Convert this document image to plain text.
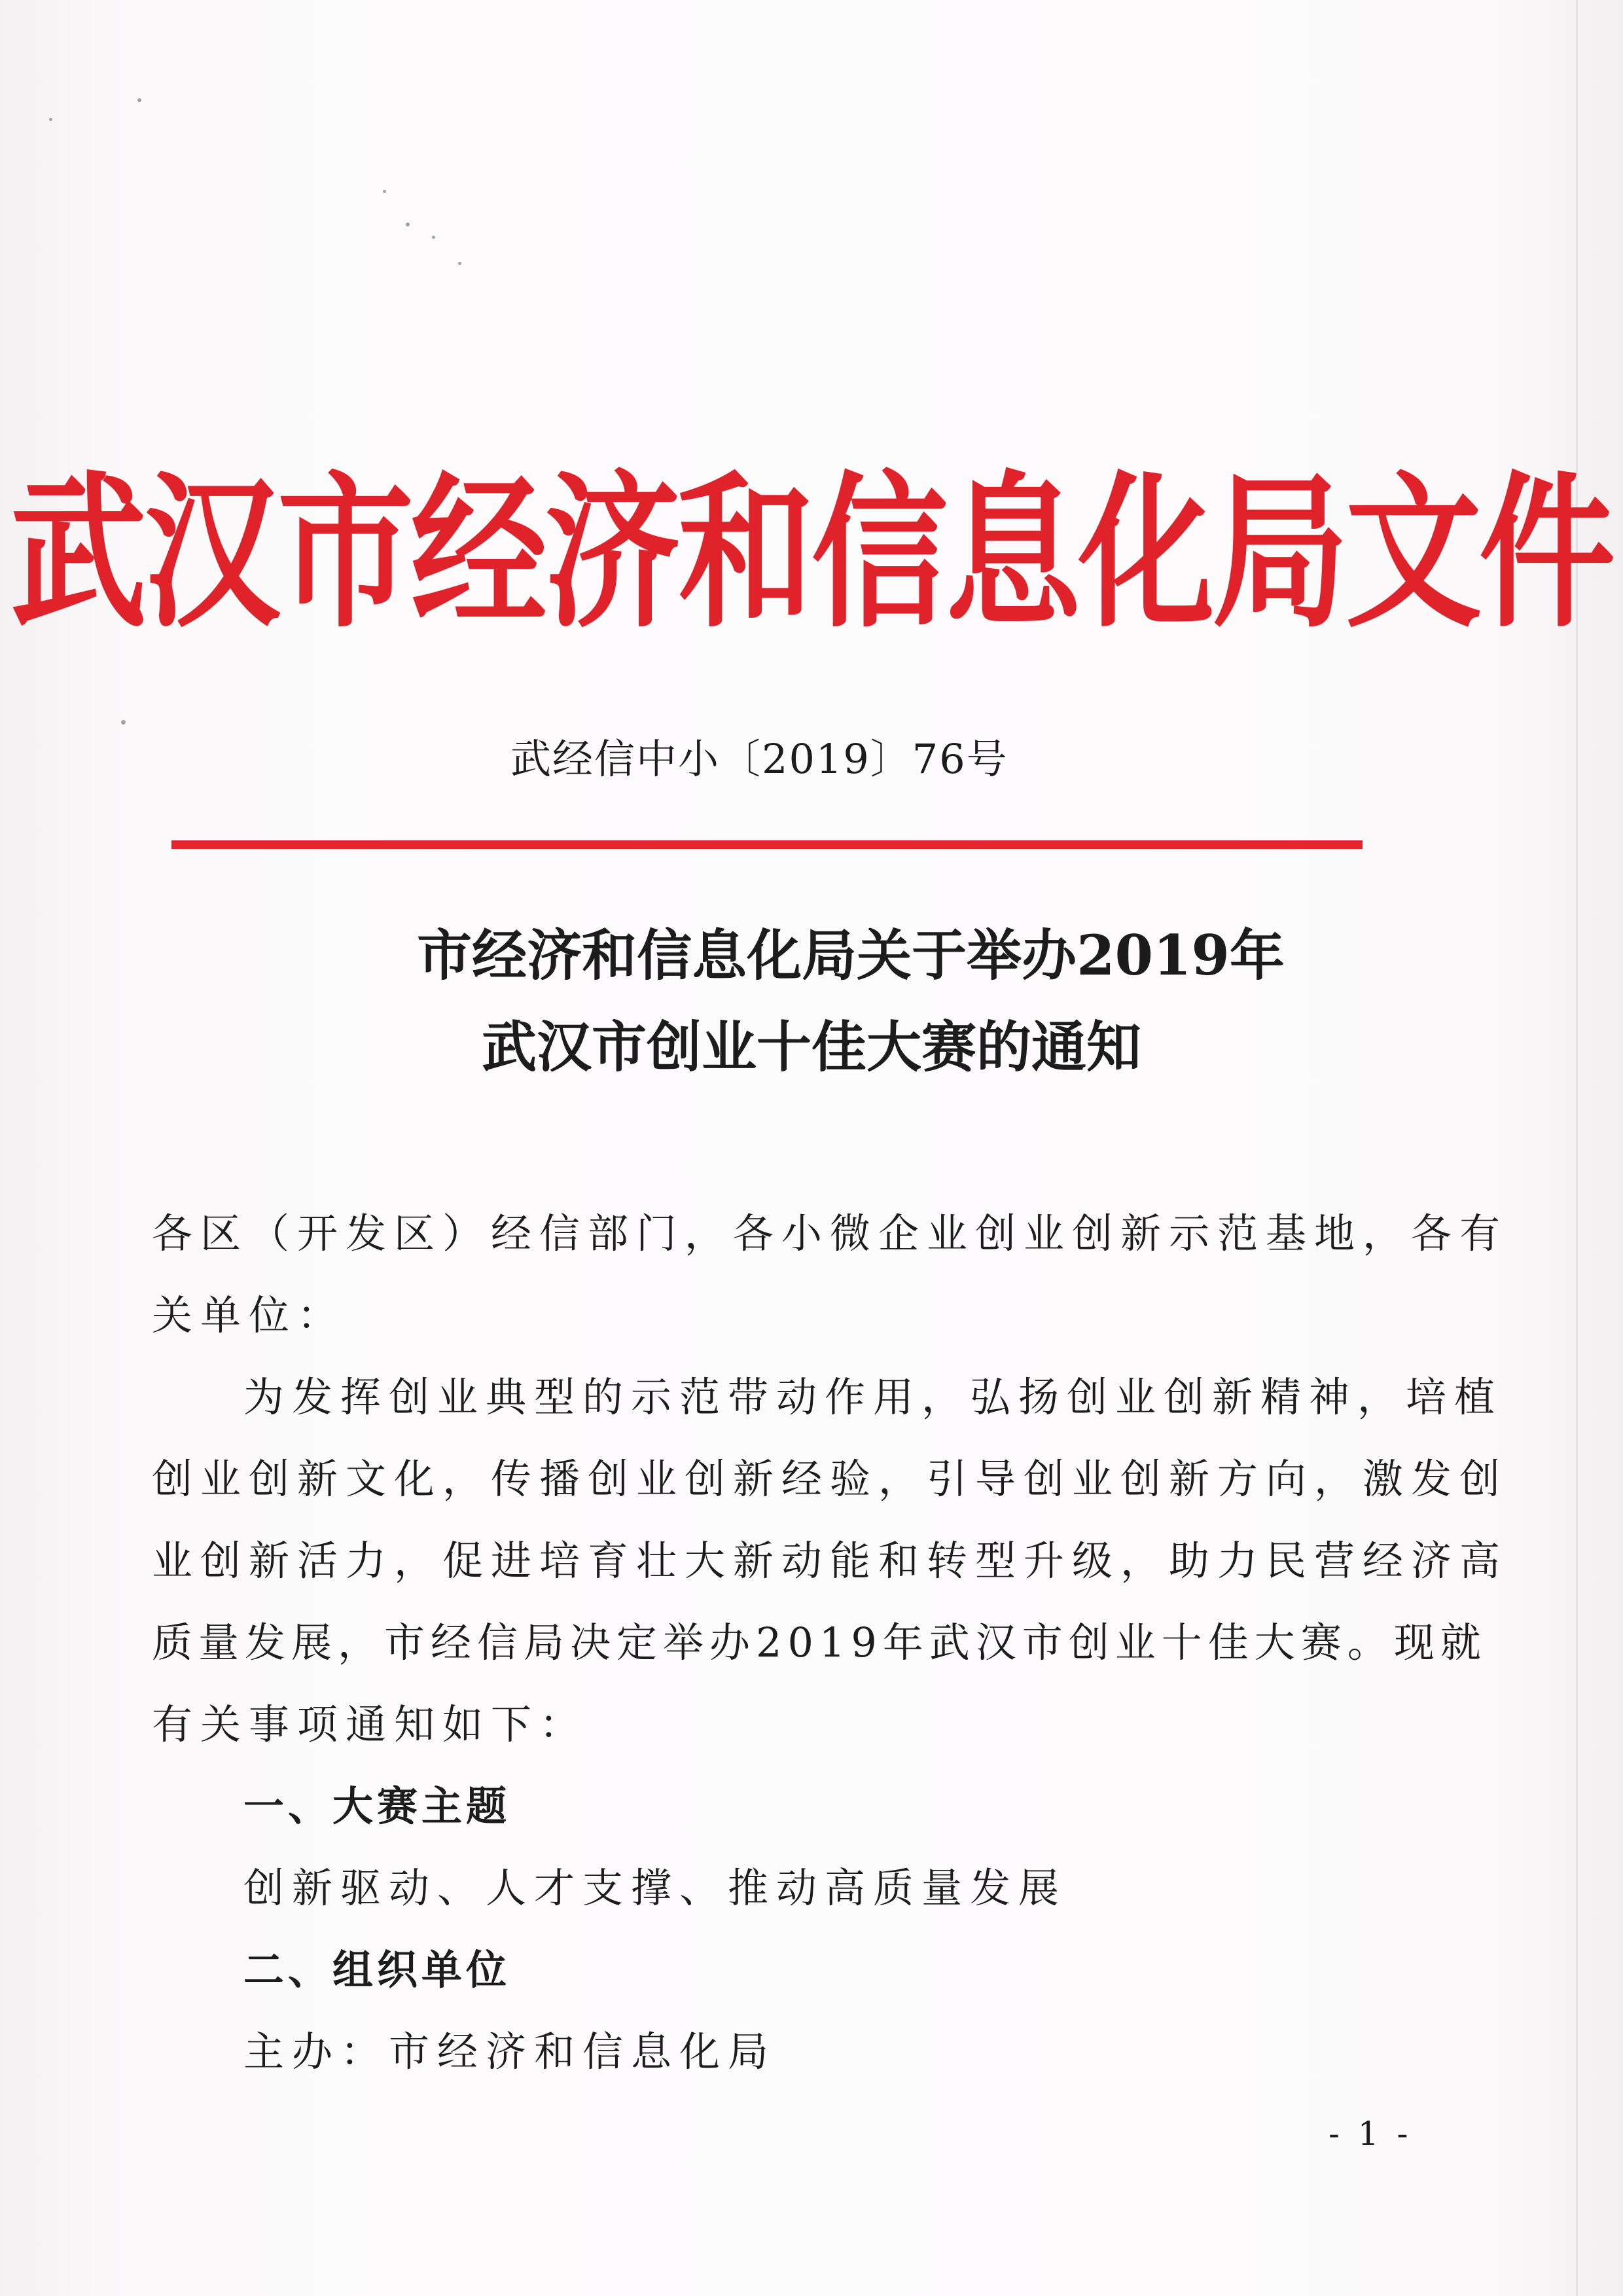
武汉市经济和信息化局文件
武经信中小〔2019〕76号
市经济和信息化局关于举办2019年
武汉市创业十佳大赛的通知
各区（开发区）经信部门，各小微企业创业创新示范基地，各有
关单位：
为发挥创业典型的示范带动作用，弘扬创业创新精神，培植
创业创新文化，传播创业创新经验，引导创业创新方向，激发创
业创新活力，促进培育壮大新动能和转型升级，助力民营经济高
质量发展，市经信局决定举办2019年武汉市创业十佳大赛。现就
有关事项通知如下：
一、大赛主题
创新驱动、人才支撑、推动高质量发展
二、组织单位
主办：市经济和信息化局
- 1 -
